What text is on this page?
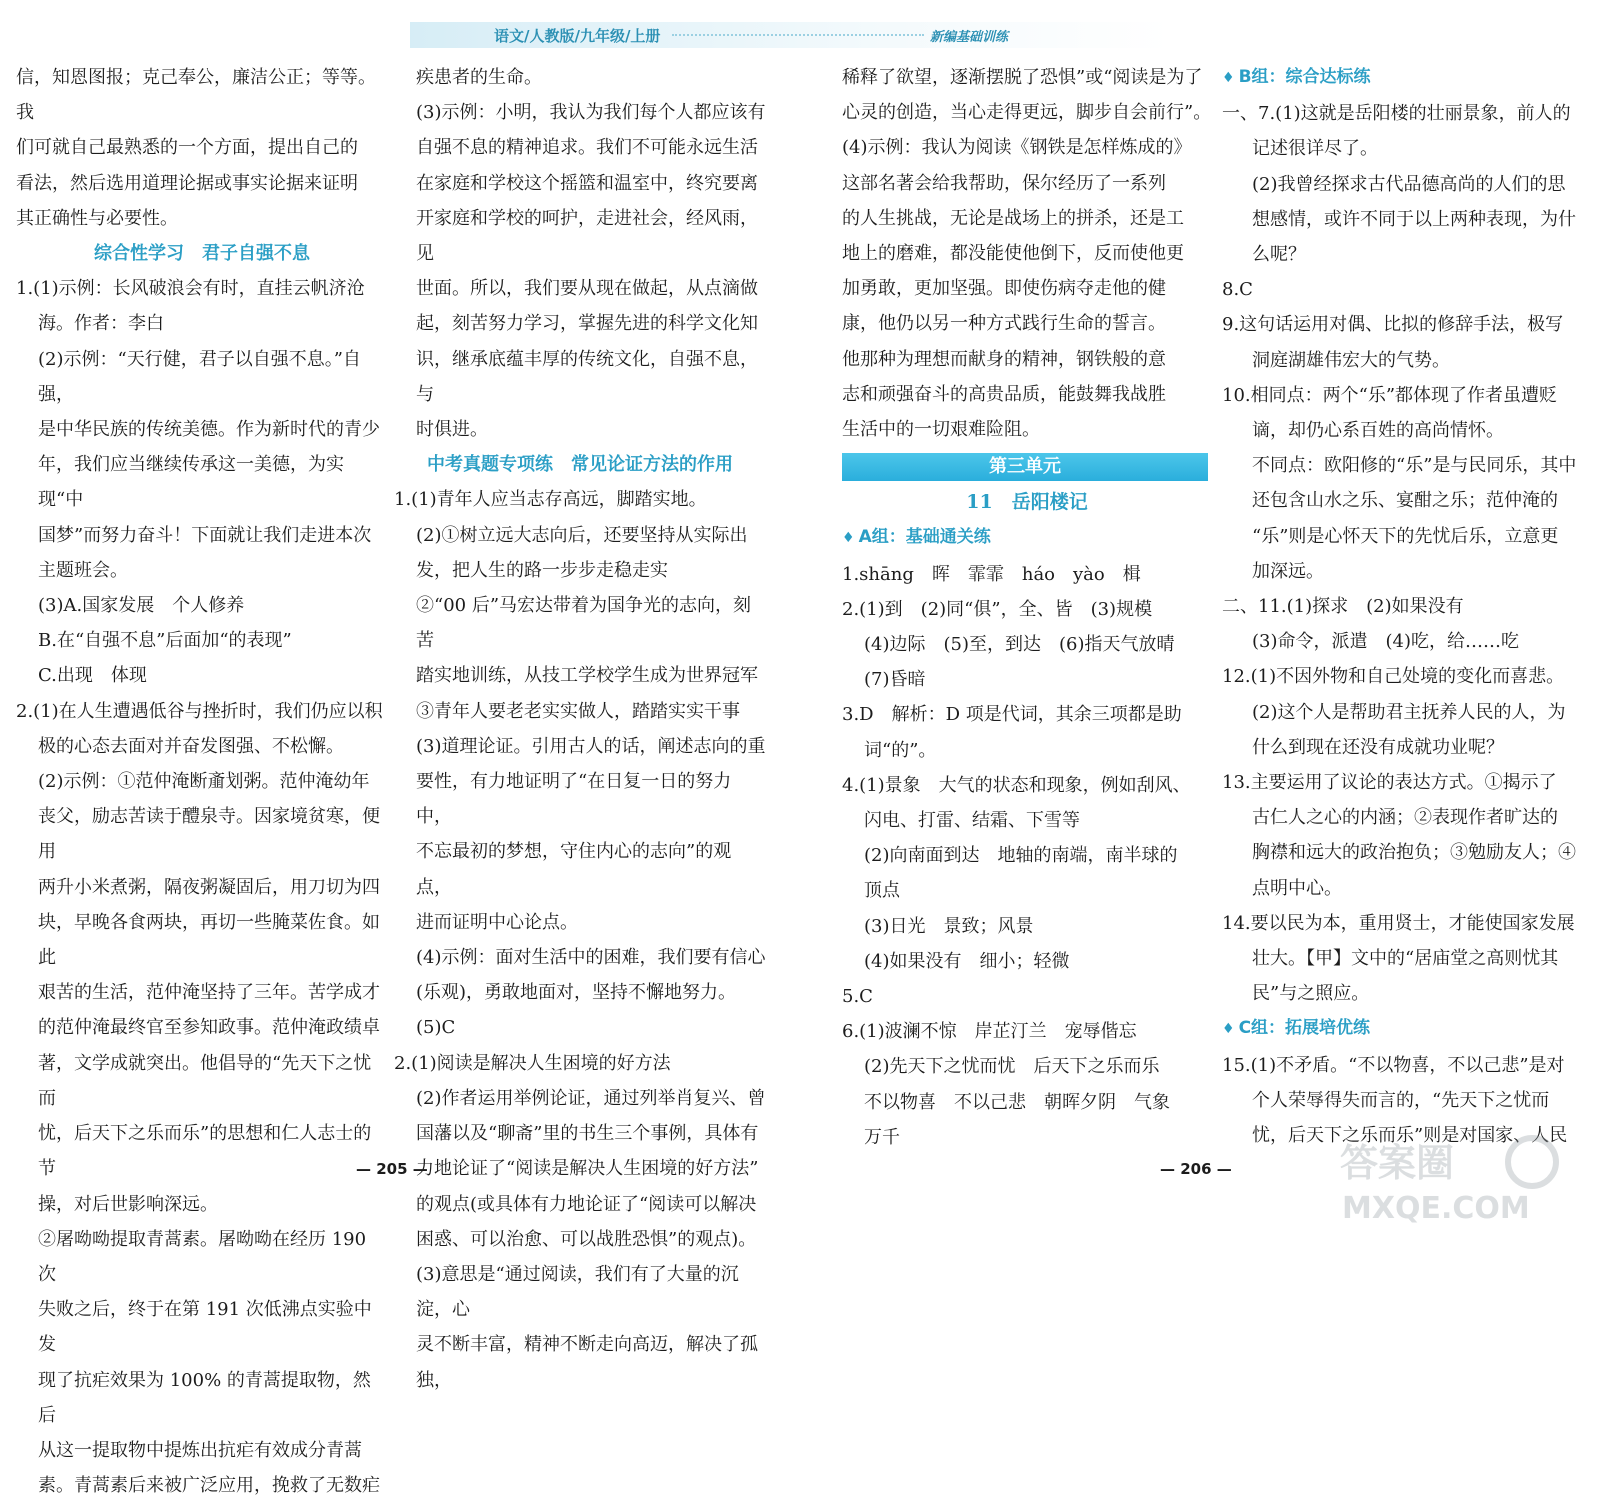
语文/人教版/九年级/上册	新编基础训练

信，知恩图报；克己奉公，廉洁公正；等等。我

们可就自己最熟悉的一个方面，提出自己的

看法，然后选用道理论据或事实论据来证明

其正确性与必要性。

综合性学习　君子自强不息

1.(1)示例：长风破浪会有时，直挂云帆济沧

海。作者：李白

(2)示例：“天行健，君子以自强不息。”自强，

是中华民族的传统美德。作为新时代的青少

年，我们应当继续传承这一美德，为实现“中

国梦”而努力奋斗！下面就让我们走进本次

主题班会。

(3)A.国家发展　个人修养

B.在“自强不息”后面加“的表现”

C.出现　体现

2.(1)在人生遭遇低谷与挫折时，我们仍应以积

极的心态去面对并奋发图强、不松懈。

(2)示例：①范仲淹断齑划粥。范仲淹幼年

丧父，励志苦读于醴泉寺。因家境贫寒，便用

两升小米煮粥，隔夜粥凝固后，用刀切为四

块，早晚各食两块，再切一些腌菜佐食。如此

艰苦的生活，范仲淹坚持了三年。苦学成才

的范仲淹最终官至参知政事。范仲淹政绩卓

著，文学成就突出。他倡导的“先天下之忧而

忧，后天下之乐而乐”的思想和仁人志士的节

操，对后世影响深远。

②屠呦呦提取青蒿素。屠呦呦在经历 190 次

失败之后，终于在第 191 次低沸点实验中发

现了抗疟效果为 100% 的青蒿提取物，然后

从这一提取物中提炼出抗疟有效成分青蒿

素。青蒿素后来被广泛应用，挽救了无数疟

疾患者的生命。

(3)示例：小明，我认为我们每个人都应该有

自强不息的精神追求。我们不可能永远生活

在家庭和学校这个摇篮和温室中，终究要离

开家庭和学校的呵护，走进社会，经风雨，见

世面。所以，我们要从现在做起，从点滴做

起，刻苦努力学习，掌握先进的科学文化知

识，继承底蕴丰厚的传统文化，自强不息，与

时俱进。

中考真题专项练　常见论证方法的作用

1.(1)青年人应当志存高远，脚踏实地。

(2)①树立远大志向后，还要坚持从实际出

发，把人生的路一步步走稳走实

②“00 后”马宏达带着为国争光的志向，刻苦

踏实地训练，从技工学校学生成为世界冠军

③青年人要老老实实做人，踏踏实实干事

(3)道理论证。引用古人的话，阐述志向的重

要性，有力地证明了“在日复一日的努力中，

不忘最初的梦想，守住内心的志向”的观点，

进而证明中心论点。

(4)示例：面对生活中的困难，我们要有信心

(乐观)，勇敢地面对，坚持不懈地努力。

(5)C

2.(1)阅读是解决人生困境的好方法

(2)作者运用举例论证，通过列举肖复兴、曾

国藩以及“聊斋”里的书生三个事例，具体有

力地论证了“阅读是解决人生困境的好方法”

的观点(或具体有力地论证了“阅读可以解决

困惑、可以治愈、可以战胜恐惧”的观点)。

(3)意思是“通过阅读，我们有了大量的沉淀，心

灵不断丰富，精神不断走向高迈，解决了孤独，

稀释了欲望，逐渐摆脱了恐惧”或“阅读是为了

心灵的创造，当心走得更远，脚步自会前行”。

(4)示例：我认为阅读《钢铁是怎样炼成的》

这部名著会给我帮助，保尔经历了一系列

的人生挑战，无论是战场上的拼杀，还是工

地上的磨难，都没能使他倒下，反而使他更

加勇敢，更加坚强。即使伤病夺走他的健

康，他仍以另一种方式践行生命的誓言。

他那种为理想而献身的精神，钢铁般的意

志和顽强奋斗的高贵品质，能鼓舞我战胜

生活中的一切艰难险阻。

第三单元

11　岳阳楼记

♦ A组：基础通关练

1.shāng　晖　霏霏　háo　yào　楫

2.(1)到　(2)同“俱”，全、皆　(3)规模

(4)边际　(5)至，到达　(6)指天气放晴

(7)昏暗

3.D　解析：D 项是代词，其余三项都是助

词“的”。

4.(1)景象　大气的状态和现象，例如刮风、

闪电、打雷、结霜、下雪等

(2)向南面到达　地轴的南端，南半球的

顶点

(3)日光　景致；风景

(4)如果没有　细小；轻微

5.C

6.(1)波澜不惊　岸芷汀兰　宠辱偕忘

(2)先天下之忧而忧　后天下之乐而乐

不以物喜　不以己悲　朝晖夕阴　气象

万千

♦ B组：综合达标练

一、7.(1)这就是岳阳楼的壮丽景象，前人的

记述很详尽了。

(2)我曾经探求古代品德高尚的人们的思

想感情，或许不同于以上两种表现，为什

么呢？

8.C

9.这句话运用对偶、比拟的修辞手法，极写

洞庭湖雄伟宏大的气势。

10.相同点：两个“乐”都体现了作者虽遭贬

谪，却仍心系百姓的高尚情怀。

不同点：欧阳修的“乐”是与民同乐，其中

还包含山水之乐、宴酣之乐；范仲淹的

“乐”则是心怀天下的先忧后乐，立意更

加深远。

二、11.(1)探求　(2)如果没有

(3)命令，派遣　(4)吃，给……吃

12.(1)不因外物和自己处境的变化而喜悲。

(2)这个人是帮助君主抚养人民的人，为

什么到现在还没有成就功业呢？

13.主要运用了议论的表达方式。①揭示了

古仁人之心的内涵；②表现作者旷达的

胸襟和远大的政治抱负；③勉励友人；④

点明中心。

14.要以民为本，重用贤士，才能使国家发展

壮大。【甲】文中的“居庙堂之高则忧其

民”与之照应。

♦ C组：拓展培优练

15.(1)不矛盾。“不以物喜，不以己悲”是对

个人荣辱得失而言的，“先天下之忧而

忧，后天下之乐而乐”则是对国家、人民

— 205 —	— 206 —	答案圈
MXQE.COM
